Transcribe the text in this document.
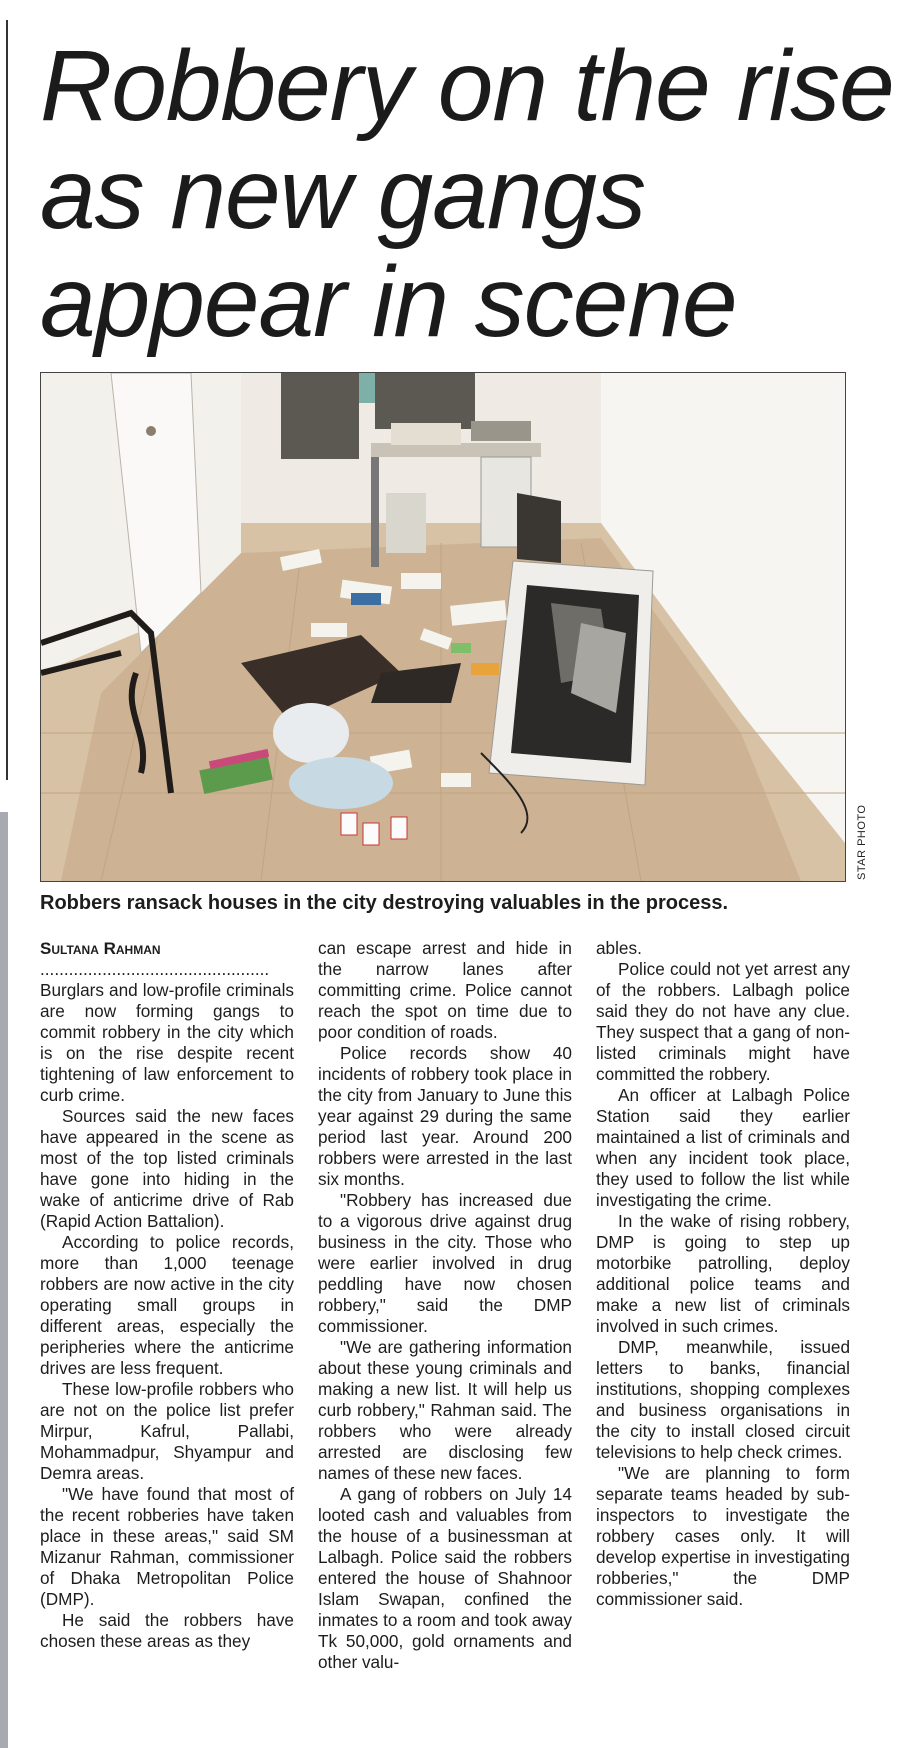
Robbery on the rise as new gangs appear in scene
STAR PHOTO

Robbers ransack houses in the city destroying valuables in the process.

Sultana Rahman

................................................

Burglars and low-profile criminals are now forming gangs to commit robbery in the city which is on the rise despite recent tightening of law enforcement to curb crime.

Sources said the new faces have appeared in the scene as most of the top listed criminals have gone into hiding in the wake of anticrime drive of Rab (Rapid Action Battalion).

According to police records, more than 1,000 teenage robbers are now active in the city operating small groups in different areas, especially the peripheries where the anticrime drives are less frequent.

These low-profile robbers who are not on the police list prefer Mirpur, Kafrul, Pallabi, Mohammadpur, Shyampur and Demra areas.

"We have found that most of the recent robberies have taken place in these areas," said SM Mizanur Rahman, commissioner of Dhaka Metropolitan Police (DMP).

He said the robbers have chosen these areas as they

can escape arrest and hide in the narrow lanes after committing crime. Police cannot reach the spot on time due to poor condition of roads.

Police records show 40 incidents of robbery took place in the city from January to June this year against 29 during the same period last year. Around 200 robbers were arrested in the last six months.

"Robbery has increased due to a vigorous drive against drug business in the city. Those who were earlier involved in drug peddling have now chosen robbery," said the DMP commissioner.

"We are gathering information about these young criminals and making a new list. It will help us curb robbery," Rahman said. The robbers who were already arrested are disclosing few names of these new faces.

A gang of robbers on July 14 looted cash and valuables from the house of a businessman at Lalbagh. Police said the robbers entered the house of Shahnoor Islam Swapan, confined the inmates to a room and took away Tk 50,000, gold ornaments and other valu-

ables.

Police could not yet arrest any of the robbers. Lalbagh police said they do not have any clue. They suspect that a gang of non-listed criminals might have committed the robbery.

An officer at Lalbagh Police Station said they earlier maintained a list of criminals and when any incident took place, they used to follow the list while investigating the crime.

In the wake of rising robbery, DMP is going to step up motorbike patrolling, deploy additional police teams and make a new list of criminals involved in such crimes.

DMP, meanwhile, issued letters to banks, financial institutions, shopping complexes and business organisations in the city to install closed circuit televisions to help check crimes.

"We are planning to form separate teams headed by sub-inspectors to investigate the robbery cases only. It will develop expertise in investigating robberies," the DMP commissioner said.
